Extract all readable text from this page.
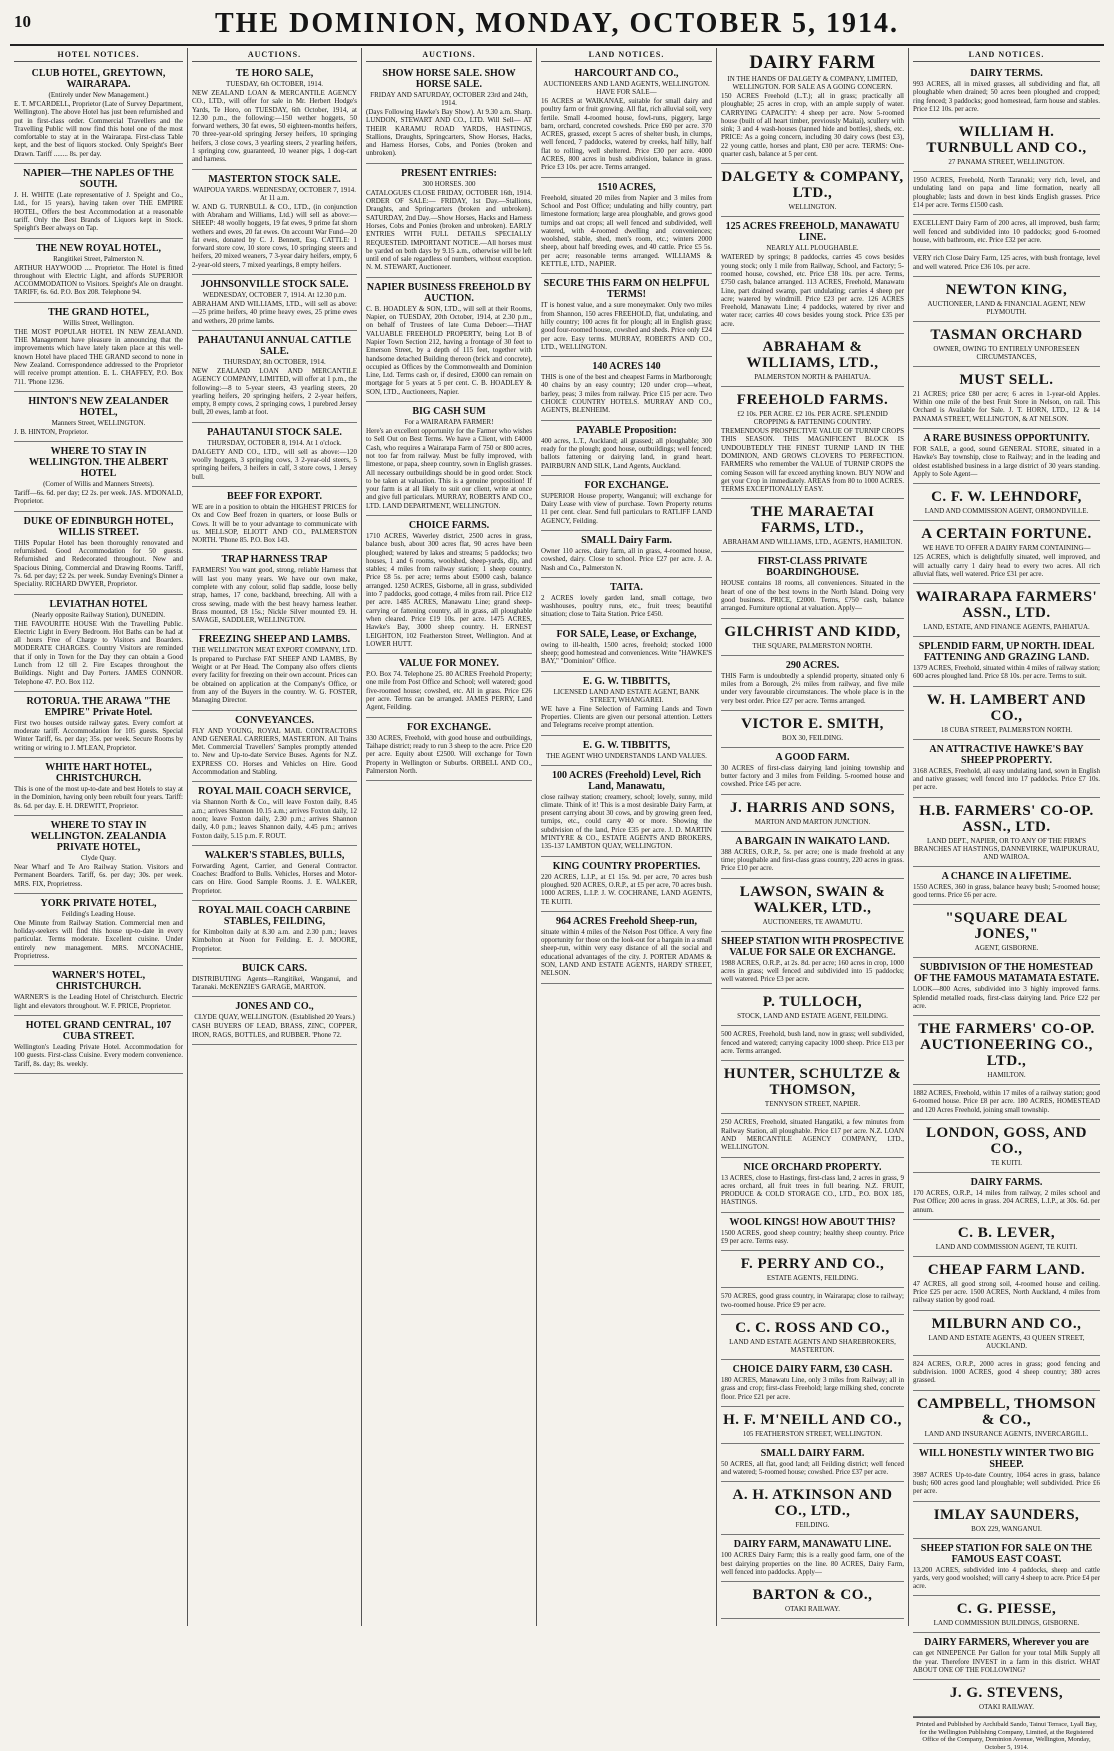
10	THE DOMINION, MONDAY, OCTOBER 5, 1914.
HOTEL NOTICES.
CLUB HOTEL, GREYTOWN, WAIRARAPA.
(Entirely under New Management.)

E. T. M'CARDELL, Proprietor (Late of Survey Department, Wellington). The above Hotel has just been refurnished and put in first-class order. Commercial Travellers and the Travelling Public will now find this hotel one of the most comfortable to stay at in the Wairarapa. First-class Table kept, and the best of liquors stocked. Only Speight's Beer Drawn. Tariff ........ 8s. per day.

NAPIER—THE NAPLES OF THE SOUTH.

J. H. WHITE (Late representative of J. Speight and Co., Ltd., for 15 years), having taken over THE EMPIRE HOTEL, Offers the best Accommodation at a reasonable tariff. Only the Best Brands of Liquors kept in Stock. Speight's Beer always on Tap.

THE NEW ROYAL HOTEL,
Rangitikei Street, Palmerston N.

ARTHUR HAYWOOD .... Proprietor. The Hotel is fitted throughout with Electric Light, and affords SUPERIOR ACCOMMODATION to Visitors. Speight's Ale on draught. TARIFF, 6s. 6d. P.O. Box 208. Telephone 94.

THE GRAND HOTEL,
Willis Street, Wellington.

THE MOST POPULAR HOTEL IN NEW ZEALAND. THE Management have pleasure in announcing that the improvements which have lately taken place at this well-known Hotel have placed THE GRAND second to none in New Zealand. Correspondence addressed to the Proprietor will receive prompt attention. E. L. CHAFFEY, P.O. Box 711. 'Phone 1236.

HINTON'S NEW ZEALANDER HOTEL,
Manners Street, WELLINGTON.

J. B. HINTON, Proprietor.

WHERE TO STAY IN WELLINGTON. THE ALBERT HOTEL
(Corner of Willis and Manners Streets).

Tariff—6s. 6d. per day; £2 2s. per week. JAS. M'DONALD, Proprietor.

DUKE OF EDINBURGH HOTEL, WILLIS STREET.

THIS Popular Hotel has been thoroughly renovated and refurnished. Good Accommodation for 50 guests. Refurnished and Redecorated throughout. New and Spacious Dining, Commercial and Drawing Rooms. Tariff, 7s. 6d. per day; £2 2s. per week. Sunday Evening's Dinner a Speciality. RICHARD DWYER, Proprietor.

LEVIATHAN HOTEL
(Nearly opposite Railway Station), DUNEDIN.

THE FAVOURITE HOUSE With the Travelling Public. Electric Light in Every Bedroom. Hot Baths can be had at all hours Free of Charge to Visitors and Boarders. MODERATE CHARGES. Country Visitors are reminded that if only in Town for the Day they can obtain a Good Lunch from 12 till 2. Fire Escapes throughout the Buildings. Night and Day Porters. JAMES CONNOR. Telephone 47. P.O. Box 112.

ROTORUA. THE ARAWA "THE EMPIRE" Private Hotel.

First two houses outside railway gates. Every comfort at moderate tariff. Accommodation for 105 guests. Special Winter Tariff, 6s. per day; 35s. per week. Secure Rooms by writing or wiring to J. M'LEAN, Proprietor.

WHITE HART HOTEL, CHRISTCHURCH.

This is one of the most up-to-date and best Hotels to stay at in the Dominion, having only been rebuilt four years. Tariff: 8s. 6d. per day. E. H. DREWITT, Proprietor.

WHERE TO STAY IN WELLINGTON. ZEALANDIA PRIVATE HOTEL,
Clyde Quay.

Near Wharf and Te Aro Railway Station. Visitors and Permanent Boarders. Tariff, 6s. per day; 30s. per week. MRS. FIX, Proprietress.

YORK PRIVATE HOTEL,
Feilding's Leading House.

One Minute from Railway Station. Commercial men and holiday-seekers will find this house up-to-date in every particular. Terms moderate. Excellent cuisine. Under entirely new management. MRS. M'CONACHIE, Proprietress.

WARNER'S HOTEL, CHRISTCHURCH.

WARNER'S is the Leading Hotel of Christchurch. Electric light and elevators throughout. W. F. PRICE, Proprietor.

HOTEL GRAND CENTRAL, 107 CUBA STREET.

Wellington's Leading Private Hotel. Accommodation for 100 guests. First-class Cuisine. Every modern convenience. Tariff, 8s. day; 8s. weekly.

AUCTIONS.
TE HORO SALE,
TUESDAY, 6th OCTOBER, 1914.

NEW ZEALAND LOAN & MERCANTILE AGENCY CO., LTD., will offer for sale in Mr. Herbert Hodge's Yards, Te Horo, on TUESDAY, 6th October, 1914, at 12.30 p.m., the following:—150 wether hoggets, 50 forward wethers, 30 fat ewes, 50 eighteen-months heifers, 70 three-year-old springing Jersey heifers, 10 springing heifers, 3 close cows, 3 yearling steers, 2 yearling heifers, 1 springing cow, guaranteed, 10 weaner pigs, 1 dog-cart and harness.

MASTERTON STOCK SALE.
WAIPOUA YARDS. WEDNESDAY, OCTOBER 7, 1914. At 11 a.m.

W. AND G. TURNBULL & CO., LTD., (in conjunction with Abraham and Williams, Ltd.) will sell as above:—SHEEP: 48 woolly hoggets, 19 fat ewes, 9 prime fat shorn wethers and ewes, 20 fat ewes. On account War Fund—20 fat ewes, donated by C. J. Bennett, Esq. CATTLE: 1 forward store cow, 10 store cows, 10 springing steers and heifers, 20 mixed weaners, 7 3-year dairy heifers, empty, 6 2-year-old steers, 7 mixed yearlings, 8 empty heifers.

JOHNSONVILLE STOCK SALE.
WEDNESDAY, OCTOBER 7, 1914. At 12.30 p.m.

ABRAHAM AND WILLIAMS, LTD., will sell as above:—25 prime heifers, 40 prime heavy ewes, 25 prime ewes and wethers, 20 prime lambs.

PAHAUTANUI ANNUAL CATTLE SALE.
THURSDAY, 8th OCTOBER, 1914.

NEW ZEALAND LOAN AND MERCANTILE AGENCY COMPANY, LIMITED, will offer at 1 p.m., the following:—8 to 5-year steers, 43 yearling steers, 20 yearling heifers, 20 springing heifers, 2 2-year heifers, empty, 8 empty cows, 2 springing cows, 1 purebred Jersey bull, 20 ewes, lamb at foot.

PAHAUTANUI STOCK SALE.
THURSDAY, OCTOBER 8, 1914. At 1 o'clock.

DALGETY AND CO., LTD., will sell as above:—120 woolly hoggets, 3 springing cows, 3 2-year-old steers, 5 springing heifers, 3 heifers in calf, 3 store cows, 1 Jersey bull.

BEEF FOR EXPORT.

WE are in a position to obtain the HIGHEST PRICES for Ox and Cow Beef frozen in quarters, or loose Bulls or Cows. It will be to your advantage to communicate with us. MELLSOP, ELIOTT AND CO., PALMERSTON NORTH. 'Phone 85. P.O. Box 143.

TRAP HARNESS TRAP

FARMERS! You want good, strong, reliable Harness that will last you many years. We have our own make, complete with any colour, solid flap saddle, loose belly strap, hames, 17 cone, backband, breeching. All with a cross sewing, made with the best heavy harness leather. Brass mounted, £8 15s.; Nickle Silver mounted £9. H. SAVAGE, SADDLER, WELLINGTON.

FREEZING SHEEP AND LAMBS.

THE WELLINGTON MEAT EXPORT COMPANY, LTD. Is prepared to Purchase FAT SHEEP AND LAMBS, By Weight or at Per Head. The Company also offers clients every facility for freezing on their own account. Prices can be obtained on application at the Company's Office, or from any of the Buyers in the country. W. G. FOSTER, Managing Director.

CONVEYANCES.

FLY AND YOUNG, ROYAL MAIL CONTRACTORS AND GENERAL CARRIERS, MASTERTON. All Trains Met. Commercial Travellers' Samples promptly attended to. New and Up-to-date Service Buses. Agents for N.Z. EXPRESS CO. Horses and Vehicles on Hire. Good Accommodation and Stabling.

ROYAL MAIL COACH SERVICE,

via Shannon North & Co., will leave Foxton daily, 8.45 a.m.; arrives Shannon 10.15 a.m.; arrives Foxton daily, 12 noon; leave Foxton daily, 2.30 p.m.; arrives Shannon daily, 4.0 p.m.; leaves Shannon daily, 4.45 p.m.; arrives Foxton daily, 5.15 p.m. F. ROUT.

WALKER'S STABLES, BULLS,

Forwarding Agent, Carrier, and General Contractor. Coaches: Bradford to Bulls. Vehicles, Horses and Motor-cars on Hire. Good Sample Rooms. J. E. WALKER, Proprietor.

ROYAL MAIL COACH CARBINE STABLES, FEILDING,

for Kimbolton daily at 8.30 a.m. and 2.30 p.m.; leaves Kimbolton at Noon for Feilding. E. J. MOORE, Proprietor.

BUICK CARS.

DISTRIBUTING Agents—Rangitikei, Wanganui, and Taranaki. McKENZIE'S GARAGE, MARTON.

JONES AND CO.,
CLYDE QUAY, WELLINGTON. (Established 20 Years.)

CASH BUYERS OF LEAD, BRASS, ZINC, COPPER, IRON, RAGS, BOTTLES, and RUBBER. 'Phone 72.

AUCTIONS.
SHOW HORSE SALE. SHOW HORSE SALE.
FRIDAY AND SATURDAY, OCTOBER 23rd and 24th, 1914.

(Days Following Hawke's Bay Show). At 9.30 a.m. Sharp. LUNDON, STEWART AND CO., LTD. Will Sell— AT THEIR KARAMU ROAD YARDS, HASTINGS, Stallions, Draughts, Springcarters, Show Horses, Hacks, and Harness Horses, Cobs, and Ponies (broken and unbroken).

PRESENT ENTRIES:
300 HORSES. 300

CATALOGUES CLOSE FRIDAY, OCTOBER 16th, 1914. ORDER OF SALE:— FRIDAY, 1st Day.—Stallions, Draughts, and Springcarters (broken and unbroken). SATURDAY, 2nd Day.—Show Horses, Hacks and Harness Horses, Cobs and Ponies (broken and unbroken). EARLY ENTRIES WITH FULL DETAILS SPECIALLY REQUESTED. IMPORTANT NOTICE.—All horses must be yarded on both days by 9.15 a.m., otherwise will be left until end of sale regardless of numbers, without exception. N. M. STEWART, Auctioneer.

NAPIER BUSINESS FREEHOLD BY AUCTION.

C. B. HOADLEY & SON, LTD., will sell at their Rooms, Napier, on TUESDAY, 20th October, 1914, at 2.30 p.m., on behalf of Trustees of late Cuma Deboer:—THAT VALUABLE FREEHOLD PROPERTY, being Lot B of Napier Town Section 212, having a frontage of 30 feet to Emerson Street, by a depth of 115 feet, together with handsome detached Building thereon (brick and concrete), occupied as Offices by the Commonwealth and Dominion Line, Ltd. Terms cash or, if desired, £3000 can remain on mortgage for 5 years at 5 per cent. C. B. HOADLEY & SON, LTD., Auctioneers, Napier.

BIG CASH SUM
For a WAIRARAPA FARMER!

Here's an excellent opportunity for the Farmer who wishes to Sell Out on Best Terms. We have a Client, with £4000 Cash, who requires a Wairarapa Farm of 750 or 800 acres, not too far from railway. Must be fully improved, with limestone, or papa, sheep country, sown in English grasses. All necessary outbuildings should be in good order. Stock to be taken at valuation. This is a genuine proposition! If your farm is at all likely to suit our client, write at once and give full particulars. MURRAY, ROBERTS AND CO., LTD. LAND DEPARTMENT, WELLINGTON.

CHOICE FARMS.

1710 ACRES, Waverley district, 2500 acres in grass, balance bush, about 300 acres flat, 90 acres have been ploughed; watered by lakes and streams; 5 paddocks; two houses, 1 and 6 rooms, woolshed, sheep-yards, dip, and stables; 4 miles from railway station; 1 sheep country. Price £8 5s. per acre; terms about £5000 cash, balance arranged. 1250 ACRES, Gisborne, all in grass, subdivided into 7 paddocks, good cottage, 4 miles from rail. Price £12 per acre. 1485 ACRES, Manawatu Line; grand sheep-carrying or fattening country, all in grass, all ploughable when cleared. Price £19 10s. per acre. 1475 ACRES, Hawke's Bay, 3000 sheep country. H. ERNEST LEIGHTON, 102 Featherston Street, Wellington. And at LOWER HUTT.

VALUE FOR MONEY.

P.O. Box 74. Telephone 25. 80 ACRES Freehold Property; one mile from Post Office and School; well watered; good five-roomed house; cowshed, etc. All in grass. Price £26 per acre. Terms can be arranged. JAMES PERRY, Land Agent, Feilding.

FOR EXCHANGE.

330 ACRES, Freehold, with good house and outbuildings, Taihape district; ready to run 3 sheep to the acre. Price £20 per acre. Equity about £2500. Will exchange for Town Property in Wellington or Suburbs. ORBELL AND CO., Palmerston North.

LAND NOTICES.
HARCOURT AND CO.,
AUCTIONEERS AND LAND AGENTS, WELLINGTON. HAVE FOR SALE—

16 ACRES at WAIKANAE, suitable for small dairy and poultry farm or fruit growing. All flat, rich alluvial soil, very fertile. Small 4-roomed house, fowl-runs, piggery, large barn, orchard, concreted cowsheds. Price £60 per acre. 370 ACRES, grassed, except 5 acres of shelter bush, in clumps, well fenced, 7 paddocks, watered by creeks, half hilly, half flat to rolling, well sheltered. Price £30 per acre. 4000 ACRES, 800 acres in bush subdivision, balance in grass. Price £3 10s. per acre. Terms arranged.

1510 ACRES,

Freehold, situated 20 miles from Napier and 3 miles from School and Post Office; undulating and hilly country, part limestone formation; large area ploughable, and grows good turnips and oat crops; all well fenced and subdivided, well watered, with 4-roomed dwelling and conveniences; woolshed, stable, shed, men's room, etc.; winters 2000 sheep, about half breeding ewes, and 40 cattle. Price £5 5s. per acre; reasonable terms arranged. WILLIAMS & KETTLE, LTD., NAPIER.

SECURE THIS FARM ON HELPFUL TERMS!

IT is honest value, and a sure moneymaker. Only two miles from Shannon, 150 acres FREEHOLD, flat, undulating, and hilly country; 100 acres fit for plough; all in English grass; good four-roomed house, cowshed and sheds. Price only £24 per acre. Easy terms. MURRAY, ROBERTS AND CO., LTD., WELLINGTON.

140 ACRES 140

THIS is one of the best and cheapest Farms in Marlborough; 40 chains by an easy country; 120 under crop—wheat, barley, peas; 3 miles from railway. Price £15 per acre. Two CHOICE COUNTRY HOTELS. MURRAY AND CO., AGENTS, BLENHEIM.

PAYABLE Proposition:

400 acres, L.T., Auckland; all grassed; all ploughable; 300 ready for the plough; good house, outbuildings; well fenced; ballots fattening or dairying land, in grand heart. PAIRBURN AND SILK, Land Agents, Auckland.

FOR EXCHANGE.

SUPERIOR House property, Wanganui; will exchange for Dairy Lease with view of purchase. Town Property returns 11 per cent. clear. Send full particulars to RATLIFF LAND AGENCY, Feilding.

SMALL Dairy Farm.

Owner 110 acres, dairy farm, all in grass, 4-roomed house, cowshed, dairy. Close to school. Price £27 per acre. J. A. Nash and Co., Palmerston N.

TAITA.

2 ACRES lovely garden land, small cottage, two washhouses, poultry runs, etc., fruit trees; beautiful situation; close to Taita Station. Price £450.

FOR SALE, Lease, or Exchange,

owing to ill-health, 1500 acres, freehold; stocked 1000 sheep; good homestead and conveniences. Write "HAWKE'S BAY," "Dominion" Office.

E. G. W. TIBBITTS,
LICENSED LAND AND ESTATE AGENT, BANK STREET, WHANGAREI.

WE have a Fine Selection of Farming Lands and Town Properties. Clients are given our personal attention. Letters and Telegrams receive prompt attention.

E. G. W. TIBBITTS,
THE AGENT WHO UNDERSTANDS LAND VALUES.
100 ACRES (Freehold) Level, Rich Land, Manawatu,

close railway station; creamery, school; lovely, sunny, mild climate. Think of it! This is a most desirable Dairy Farm, at present carrying about 30 cows, and by growing green feed, turnips, etc., could carry 40 or more. Showing the subdivision of the land, Price £35 per acre. J. D. MARTIN M'INTYRE & CO., ESTATE AGENTS AND BROKERS, 135-137 LAMBTON QUAY, WELLINGTON.

KING COUNTRY PROPERTIES.

220 ACRES, L.I.P., at £1 15s. 9d. per acre, 70 acres bush ploughed. 920 ACRES, O.R.P., at £5 per acre, 70 acres bush. 1000 ACRES, L.I.P. J. W. COCHRANE, LAND AGENTS, TE KUITI.

964 ACRES Freehold Sheep-run,

situate within 4 miles of the Nelson Post Office. A very fine opportunity for those on the look-out for a bargain in a small sheep-run, within very easy distance of all the social and educational advantages of the city. J. PORTER ADAMS & SON, LAND AND ESTATE AGENTS, HARDY STREET, NELSON.

DAIRY FARM
IN THE HANDS OF DALGETY & COMPANY, LIMITED, WELLINGTON. FOR SALE AS A GOING CONCERN.

150 ACRES Freehold (L.T.); all in grass; practically all ploughable; 25 acres in crop, with an ample supply of water. CARRYING CAPACITY: 4 sheep per acre. Now 5-roomed house (built of all heart timber, previously Maitai), scullery with sink; 3 and 4 wash-houses (tanned hide and bottles), sheds, etc. PRICE: As a going concern, including 30 dairy cows (best £3), 22 young cattle, horses and plant, £30 per acre. TERMS: One-quarter cash, balance at 5 per cent.

DALGETY & COMPANY, LTD.,
WELLINGTON.
125 ACRES FREEHOLD, MANAWATU LINE.
NEARLY ALL PLOUGHABLE.

WATERED by springs; 8 paddocks, carries 45 cows besides young stock; only 1 mile from Railway, School, and Factory; 5-roomed house, cowshed, etc. Price £38 10s. per acre. Terms, £750 cash, balance arranged. 113 ACRES, Freehold, Manawatu Line, part drained swamp, part undulating; carries 4 sheep per acre; watered by windmill. Price £23 per acre. 126 ACRES Freehold, Manawatu Line; 4 paddocks, watered by river and water race; carries 40 cows besides young stock. Price £35 per acre.

ABRAHAM & WILLIAMS, LTD.,
PALMERSTON NORTH & PAHIATUA.
FREEHOLD FARMS.
£2 10s. PER ACRE. £2 10s. PER ACRE. SPLENDID CROPPING & FATTENING COUNTRY.

TREMENDOUS PROSPECTIVE VALUE OF TURNIP CROPS THIS SEASON. THIS MAGNIFICENT BLOCK IS UNDOUBTEDLY THE FINEST TURNIP LAND IN THE DOMINION, AND GROWS CLOVERS TO PERFECTION. FARMERS who remember the VALUE of TURNIP CROPS the coming Season will far exceed anything known. BUY NOW and get your Crop in immediately. AREAS from 80 to 1000 ACRES. TERMS EXCEPTIONALLY EASY.

THE MARAETAI FARMS, LTD.,
ABRAHAM AND WILLIAMS, LTD., AGENTS, HAMILTON.
FIRST-CLASS PRIVATE BOARDINGHOUSE.

HOUSE contains 18 rooms, all conveniences. Situated in the heart of one of the best towns in the North Island. Doing very good business. PRICE, £2000. Terms, £750 cash, balance arranged. Furniture optional at valuation. Apply—

GILCHRIST AND KIDD,
THE SQUARE, PALMERSTON NORTH.
290 ACRES.

THIS Farm is undoubtedly a splendid property, situated only 6 miles from a Borough, 2½ miles from railway, and five mile under very favourable circumstances. The whole place is in the very best order. Price £27 per acre. Terms arranged.

VICTOR E. SMITH,
BOX 30, FEILDING.
A GOOD FARM.

30 ACRES of first-class dairying land joining township and butter factory and 3 miles from Feilding. 5-roomed house and cowshed. Price £45 per acre.

J. HARRIS AND SONS,
MARTON AND MARTON JUNCTION.
A BARGAIN IN WAIKATO LAND.

388 ACRES, O.R.P., 5s. per acre; one is made freehold at any time; ploughable and first-class grass country, 220 acres in grass. Price £10 per acre.

LAWSON, SWAIN & WALKER, LTD.,
AUCTIONEERS, TE AWAMUTU.
SHEEP STATION WITH PROSPECTIVE VALUE FOR SALE OR EXCHANGE.

1988 ACRES, O.R.P., at 2s. 8d. per acre; 160 acres in crop, 1000 acres in grass; well fenced and subdivided into 15 paddocks; well watered. Price £3 per acre.

P. TULLOCH,
STOCK, LAND AND ESTATE AGENT, FEILDING.

500 ACRES, Freehold, bush land, now in grass; well subdivided, fenced and watered; carrying capacity 1000 sheep. Price £13 per acre. Terms arranged.

HUNTER, SCHULTZE & THOMSON,
TENNYSON STREET, NAPIER.

250 ACRES, Freehold, situated Hangatiki, a few minutes from Railway Station, all ploughable. Price £17 per acre. N.Z. LOAN AND MERCANTILE AGENCY COMPANY, LTD., WELLINGTON.

NICE ORCHARD PROPERTY.

13 ACRES, close to Hastings, first-class land, 2 acres in grass, 9 acres orchard, all fruit trees in full bearing. N.Z. FRUIT, PRODUCE & COLD STORAGE CO., LTD., P.O. BOX 185, HASTINGS.

WOOL KINGS! HOW ABOUT THIS?

1500 ACRES, good sheep country; healthy sheep country. Price £9 per acre. Terms easy.

F. PERRY AND CO.,
ESTATE AGENTS, FEILDING.

570 ACRES, good grass country, in Wairarapa; close to railway; two-roomed house. Price £9 per acre.

C. C. ROSS AND CO.,
LAND AND ESTATE AGENTS AND SHAREBROKERS, MASTERTON.
CHOICE DAIRY FARM, £30 CASH.

180 ACRES, Manawatu Line, only 3 miles from Railway; all in grass and crop; first-class Freehold; large milking shed, concrete floor. Price £21 per acre.

H. F. M'NEILL AND CO.,
105 FEATHERSTON STREET, WELLINGTON.
SMALL DAIRY FARM.

50 ACRES, all flat, good land; all Feilding district; well fenced and watered; 5-roomed house; cowshed. Price £37 per acre.

A. H. ATKINSON AND CO., LTD.,
FEILDING.
DAIRY FARM, MANAWATU LINE.

100 ACRES Dairy Farm; this is a really good farm, one of the best dairying properties on the line. 80 ACRES, Dairy Farm, well fenced into paddocks. Apply—

BARTON & CO.,
OTAKI RAILWAY.
LAND NOTICES.
DAIRY TERMS.

993 ACRES, all in mixed grasses, all subdividing and flat, all ploughable when drained; 50 acres been ploughed and cropped; ring fenced; 3 paddocks; good homestead, farm house and stables. Price £12 10s. per acre.

WILLIAM H. TURNBULL AND CO.,
27 PANAMA STREET, WELLINGTON.

1950 ACRES, Freehold, North Taranaki; very rich, level, and undulating land on papa and lime formation, nearly all ploughable; lasts and down in best kinds English grasses. Price £14 per acre. Terms £1500 cash.

EXCELLENT Dairy Farm of 200 acres, all improved, bush farm; well fenced and subdivided into 10 paddocks; good 6-roomed house, with bathroom, etc. Price £32 per acre.

VERY rich Close Dairy Farm, 125 acres, with bush frontage, level and well watered. Price £36 10s. per acre.

NEWTON KING,
AUCTIONEER, LAND & FINANCIAL AGENT, NEW PLYMOUTH.
TASMAN ORCHARD
OWNER, OWING TO ENTIRELY UNFORESEEN CIRCUMSTANCES,
MUST SELL.

21 ACRES; price £80 per acre; 6 acres in 1-year-old Apples. Within one mile of the best Fruit Store in Nelson, on rail. This Orchard is Available for Sale. J. T. HORN, LTD., 12 & 14 PANAMA STREET, WELLINGTON, & AT NELSON.

A RARE BUSINESS OPPORTUNITY.

FOR SALE, a good, sound GENERAL STORE, situated in a Hawke's Bay township, close to Railway; and in the leading and oldest established business in a large district of 30 years standing. Apply to Sole Agent—

C. F. W. LEHNDORF,
LAND AND COMMISSION AGENT, ORMONDVILLE.
A CERTAIN FORTUNE.
WE HAVE TO OFFER A DAIRY FARM CONTAINING—

125 ACRES, which is delightfully situated, well improved, and will actually carry 1 dairy head to every two acres. All rich alluvial flats, well watered. Price £31 per acre.

WAIRARAPA FARMERS' ASSN., LTD.
LAND, ESTATE, AND FINANCE AGENTS, PAHIATUA.
SPLENDID FARM, UP NORTH. IDEAL FATTENING AND GRAZING LAND.

1379 ACRES, Freehold, situated within 4 miles of railway station; 600 acres ploughed land. Price £8 10s. per acre. Terms to suit.

W. H. LAMBERT AND CO.,
18 CUBA STREET, PALMERSTON NORTH.
AN ATTRACTIVE HAWKE'S BAY SHEEP PROPERTY.

3168 ACRES, Freehold, all easy undulating land, sown in English and native grasses; well fenced into 17 paddocks. Price £7 10s. per acre.

H.B. FARMERS' CO-OP. ASSN., LTD.
LAND DEPT., NAPIER, OR TO ANY OF THE FIRM'S BRANCHES AT HASTINGS, DANNEVIRKE, WAIPUKURAU, AND WAIROA.
A CHANCE IN A LIFETIME.

1550 ACRES, 360 in grass, balance heavy bush; 5-roomed house; good terms. Price £6 per acre.

"SQUARE DEAL JONES,"
AGENT, GISBORNE.
SUBDIVISION OF THE HOMESTEAD OF THE FAMOUS MATAMATA ESTATE.

LOOK—800 Acres, subdivided into 3 highly improved farms. Splendid metalled roads, first-class dairying land. Price £22 per acre.

THE FARMERS' CO-OP. AUCTIONEERING CO., LTD.,
HAMILTON.

1882 ACRES, Freehold, within 17 miles of a railway station; good 6-roomed house. Price £8 per acre. 180 ACRES, HOMESTEAD and 120 Acres Freehold, joining small township.

LONDON, GOSS, AND CO.,
TE KUITI.
DAIRY FARMS.

170 ACRES, O.R.P., 14 miles from railway, 2 miles school and Post Office; 200 acres in grass. 204 ACRES, L.I.P., at 30s. 6d. per annum.

C. B. LEVER,
LAND AND COMMISSION AGENT, TE KUITI.
CHEAP FARM LAND.

47 ACRES, all good strong soil, 4-roomed house and ceiling. Price £25 per acre. 1500 ACRES, North Auckland, 4 miles from railway station by good road.

MILBURN AND CO.,
LAND AND ESTATE AGENTS, 43 QUEEN STREET, AUCKLAND.

824 ACRES, O.R.P., 2000 acres in grass; good fencing and subdivision. 1000 ACRES, good 4 sheep country; 380 acres grassed.

CAMPBELL, THOMSON & CO.,
LAND AND INSURANCE AGENTS, INVERCARGILL.
WILL HONESTLY WINTER TWO BIG SHEEP.

3987 ACRES Up-to-date Country, 1064 acres in grass, balance bush; 600 acres good land ploughable; well subdivided. Price £6 per acre.

IMLAY SAUNDERS,
BOX 229, WANGANUI.
SHEEP STATION FOR SALE ON THE FAMOUS EAST COAST.

13,200 ACRES, subdivided into 4 paddocks, sheep and cattle yards, very good woolshed; will carry 4 sheep to acre. Price £4 per acre.

C. G. PIESSE,
LAND COMMISSION BUILDINGS, GISBORNE.
DAIRY FARMERS, Wherever you are

can get NINEPENCE Per Gallon for your total Milk Supply all the year. Therefore INVEST in a farm in this district. WHAT ABOUT ONE OF THE FOLLOWING?

J. G. STEVENS,
OTAKI RAILWAY.
Printed and Published by Archibald Sando, Tainui Terrace, Lyall Bay, for the Wellington Publishing Company, Limited, at the Registered Office of the Company, Dominion Avenue, Wellington, Monday, October 5, 1914.
